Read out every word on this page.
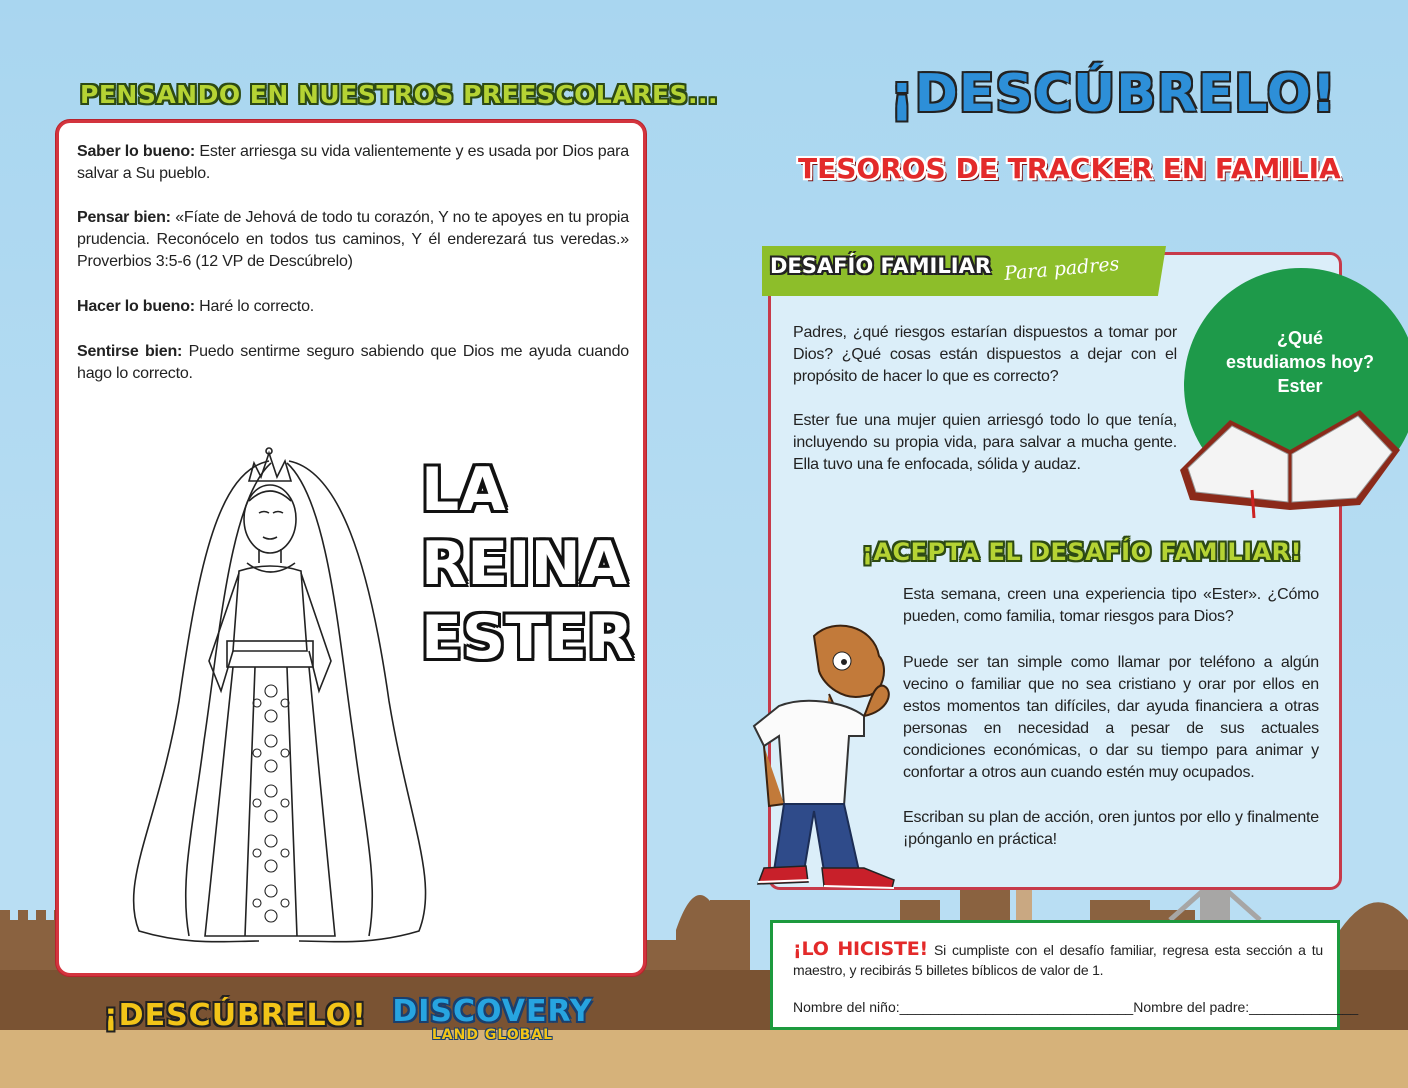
PENSANDO EN NUESTROS PREESCOLARES...
Saber lo bueno: Ester arriesga su vida valientemente y es usada por Dios para salvar a Su pueblo.
Pensar bien: «Fíate de Jehová de todo tu corazón, Y no te apoyes en tu propia prudencia. Reconócelo en todos tus caminos, Y él enderezará tus veredas.» Proverbios 3:5-6 (12 VP de Descúbrelo)
Hacer lo bueno: Haré lo correcto.
Sentirse bien: Puedo sentirme seguro sabiendo que Dios me ayuda cuando hago lo correcto.
LA
REINA
ESTER
¡DESCÚBRELO! DISCOVERY
LAND GLOBAL
¡DESCÚBRELO!
TESOROS DE TRACKER EN FAMILIA
DESAFÍO FAMILIAR Para padres
¿Qué
estudiamos hoy?
Ester
Padres, ¿qué riesgos estarían dispuestos a tomar por Dios? ¿Qué cosas están dispuestos a dejar con el propósito de hacer lo que es correcto?
Ester fue una mujer quien arriesgó todo lo que tenía, incluyendo su propia vida, para salvar a mucha gente. Ella tuvo una fe enfocada, sólida y audaz.
¡ACEPTA EL DESAFÍO FAMILIAR!
Esta semana, creen una experiencia tipo «Ester». ¿Cómo pueden, como familia, tomar riesgos para Dios?
Puede ser tan simple como llamar por teléfono a algún vecino o familiar que no sea cristiano y orar por ellos en estos momentos tan difíciles, dar ayuda financiera a otras personas en necesidad a pesar de sus actuales condiciones económicas, o dar su tiempo para animar y confortar a otros aun cuando estén muy ocupados.
Escriban su plan de acción, oren juntos por ello y finalmente ¡pónganlo en práctica!
¡LO HICISTE! Si cumpliste con el desafío familiar, regresa esta sección a tu maestro, y recibirás 5 billetes bíblicos de valor de 1.
Nombre del niño:______________________________Nombre del padre:______________
